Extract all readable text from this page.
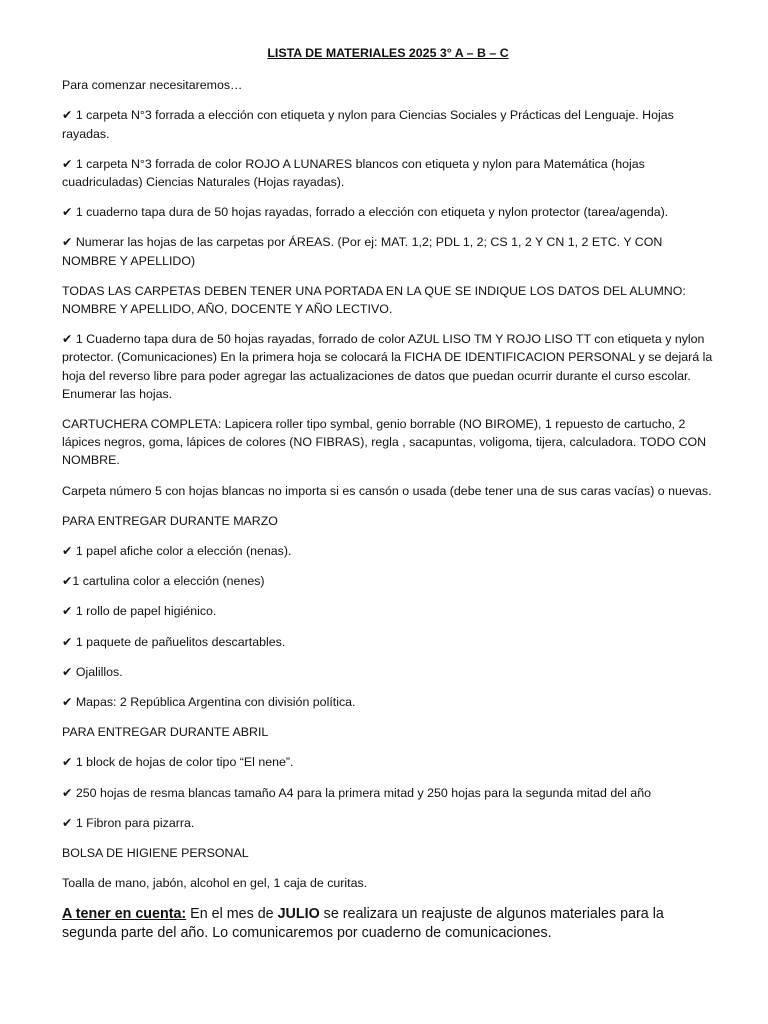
LISTA DE MATERIALES 2025 3° A – B – C
Para comenzar necesitaremos…
✔ 1 carpeta N°3 forrada a elección con etiqueta y nylon para Ciencias Sociales y Prácticas del Lenguaje. Hojas rayadas.
✔ 1 carpeta N°3 forrada de color ROJO A LUNARES blancos con etiqueta y nylon para Matemática (hojas cuadriculadas) Ciencias Naturales (Hojas rayadas).
✔ 1 cuaderno tapa dura de 50 hojas rayadas, forrado a elección con etiqueta y nylon protector (tarea/agenda).
✔ Numerar las hojas de las carpetas por ÁREAS. (Por ej: MAT. 1,2; PDL 1, 2; CS 1, 2 Y CN 1, 2 ETC. Y CON NOMBRE Y APELLIDO)
TODAS LAS CARPETAS DEBEN TENER UNA PORTADA EN LA QUE SE INDIQUE LOS DATOS DEL ALUMNO: NOMBRE Y APELLIDO, AÑO, DOCENTE Y AÑO LECTIVO.
✔ 1 Cuaderno tapa dura de 50 hojas rayadas, forrado de color AZUL LISO TM Y ROJO LISO TT con etiqueta y nylon protector. (Comunicaciones) En la primera hoja se colocará la FICHA DE IDENTIFICACION PERSONAL y se dejará la hoja del reverso libre para poder agregar las actualizaciones de datos que puedan ocurrir durante el curso escolar. Enumerar las hojas.
CARTUCHERA COMPLETA: Lapicera roller tipo symbal, genio borrable (NO BIROME), 1 repuesto de cartucho, 2 lápices negros, goma, lápices de colores (NO FIBRAS), regla , sacapuntas, voligoma, tijera, calculadora. TODO CON NOMBRE.
Carpeta número 5 con hojas blancas no importa si es cansón o usada (debe tener una de sus caras vacías) o nuevas.
PARA ENTREGAR DURANTE MARZO
✔ 1 papel afiche color a elección (nenas).
✔1 cartulina color a elección (nenes)
✔ 1 rollo de papel higiénico.
✔ 1 paquete de pañuelitos descartables.
✔ Ojalillos.
✔ Mapas: 2 República Argentina con división política.
PARA ENTREGAR DURANTE ABRIL
✔ 1 block de hojas de color tipo “El nene”.
✔ 250 hojas de resma blancas tamaño A4 para la primera mitad y 250 hojas para la segunda mitad del año
✔ 1 Fibron para pizarra.
BOLSA DE HIGIENE PERSONAL
Toalla de mano, jabón, alcohol en gel, 1 caja de curitas.
A tener en cuenta: En el mes de JULIO se realizara un reajuste de algunos materiales para la segunda parte del año. Lo comunicaremos por cuaderno de comunicaciones.
